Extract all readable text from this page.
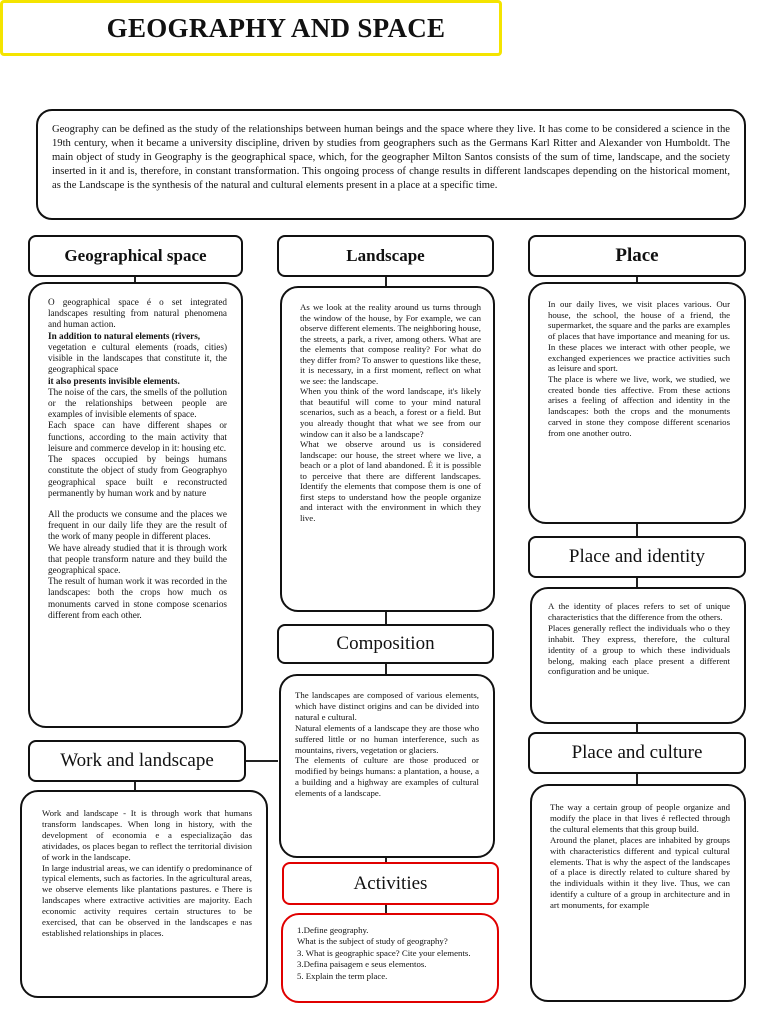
GEOGRAPHY AND SPACE
Geography can be defined as the study of the relationships between human beings and the space where they live. It has come to be considered a science in the 19th century, when it became a university discipline, driven by studies from geographers such as the Germans Karl Ritter and Alexander von Humboldt. The main object of study in Geography is the geographical space, which, for the geographer Milton Santos consists of the sum of time, landscape, and the society inserted in it and is, therefore, in constant transformation. This ongoing process of change results in different landscapes depending on the historical moment, as the Landscape is the synthesis of the natural and cultural elements present in a place at a specific time.
Geographical space
O geographical space é o set integrated landscapes resulting from natural phenomena and human action.
In addition to natural elements (rivers,
vegetation e cultural elements (roads, cities) visible in the landscapes that constitute it, the geographical space
it also presents invisible elements.
The noise of the cars, the smells of the pollution or the relationships between people are examples of invisible elements of space.
Each space can have different shapes or functions, according to the main activity that leisure and commerce develop in it: housing etc.
The spaces occupied by beings humans constitute the object of study from Geographyo geographical space built e reconstructed permanently by human work and by nature
All the products we consume and the places we frequent in our daily life they are the result of the work of many people in different places.
We have already studied that it is through work that people transform nature and they build the geographical space.
The result of human work it was recorded in the landscapes: both the crops how much os monuments carved in stone compose scenarios different from each other.
Landscape
As we look at the reality around us turns through the window of the house, by For example, we can observe different elements. The neighboring house, the streets, a park, a river, among others. What are the elements that compose reality? For what do they differ from? To answer to questions like these, it is necessary, in a first moment, reflect on what we see: the landscape.
When you think of the word landscape, it's likely that beautiful will come to your mind natural scenarios, such as a beach, a forest or a field. But you already thought that what we see from our window can it also be a landscape?
What we observe around us is considered landscape: our house, the street where we live, a beach or a plot of land abandoned. É it is possible to perceive that there are different landscapes. Identify the elements that compose them is one of first steps to understand how the people organize and interact with the environment in which they live.
Place
In our daily lives, we visit places various. Our house, the school, the house of a friend, the supermarket, the square and the parks are examples of places that have importance and meaning for us. In these places we interact with other people, we exchanged experiences we practice activities such as leisure and sport.
The place is where we live, work, we studied, we created bonde ties affective. From these actions arises a feeling of affection and identity in the landscapes: both the crops and the monuments carved in stone they compose different scenarios from one another outro.
Place and identity
A the identity of places refers to set of unique characteristics that the difference from the others.
Places generally reflect the individuals who o they inhabit. They express, therefore, the cultural identity of a group to which these individuals belong, making each place present a different configuration and be unique.
Composition
The landscapes are composed of various elements, which have distinct origins and can be divided into natural e cultural.
Natural elements of a landscape they are those who suffered little or no human interference, such as mountains, rivers, vegetation or glaciers.
The elements of culture are those produced or modified by beings humans: a plantation, a house, a a building and a highway are examples of cultural elements of a landscape.
Work and landscape
Work and landscape - It is through work that humans transform landscapes. When long in history, with the development of economia e a especialização das atividades, os places began to reflect the territorial division of work in the landscape.
In large industrial areas, we can identify o predominance of typical elements, such as factories. In the agricultural areas, we observe elements like plantations pastures. e There is landscapes where extractive activities are majority. Each economic activity requires certain structures to be exercised, that can be observed in the landscapes e nas established relationships in places.
Activities
1.Define geography.
What is the subject of study of geography?
3. What is geographic space? Cite your elements.
3.Defina paisagem e seus elementos.
5. Explain the term place.
Place and culture
The way a certain group of people organize and modify the place in that lives é reflected through the cultural elements that this group build.
Around the planet, places are inhabited by groups with characteristics different and typical cultural elements. That is why the aspect of the landscapes of a place is directly related to culture shared by the individuals within it they live. Thus, we can identify a culture of a group in architecture and in art monuments, for example
